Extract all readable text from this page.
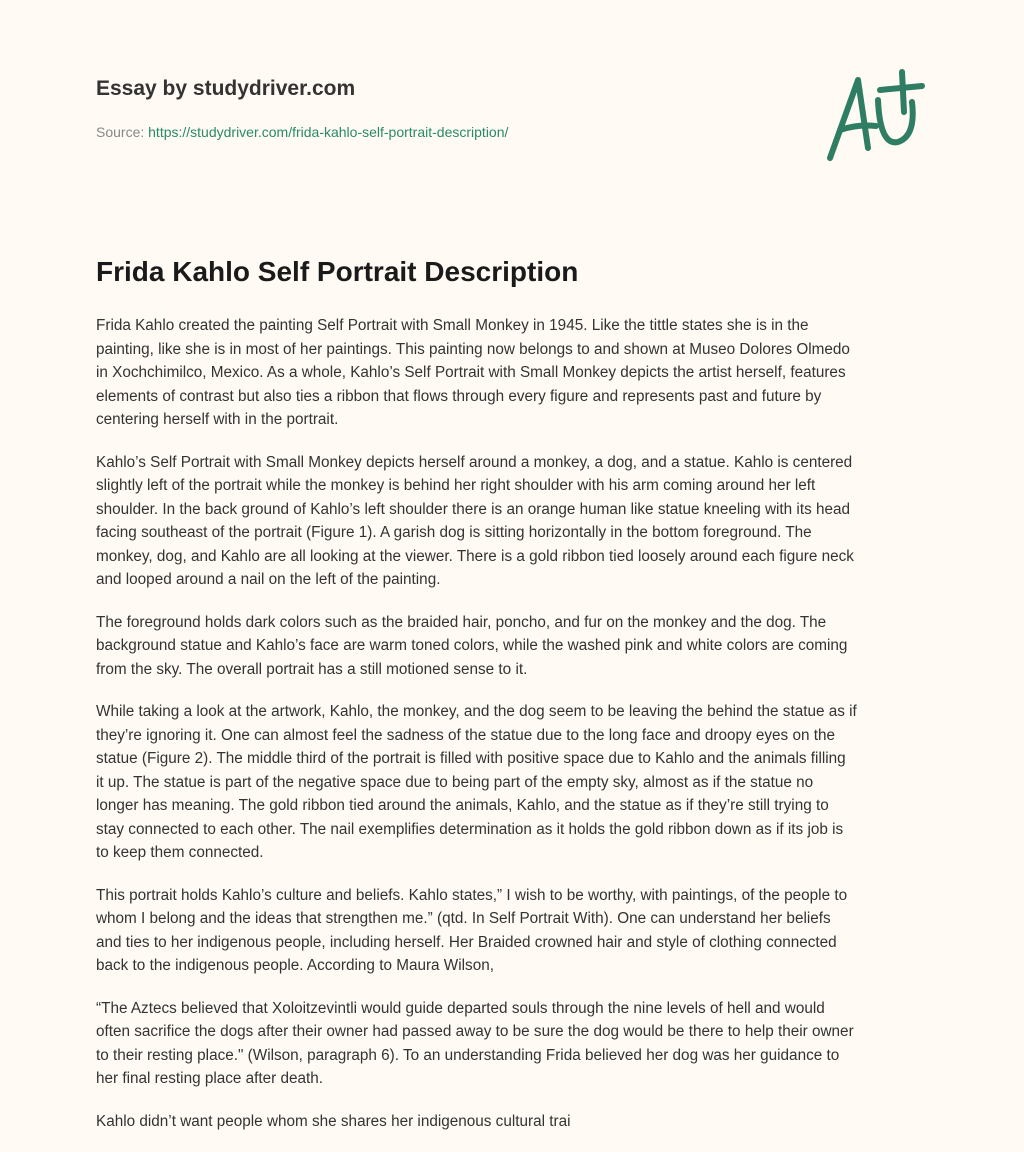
Essay by studydriver.com
Source: https://studydriver.com/frida-kahlo-self-portrait-description/
Frida Kahlo Self Portrait Description

Frida Kahlo created the painting Self Portrait with Small Monkey in 1945. Like the tittle states she is in the
painting, like she is in most of her paintings. This painting now belongs to and shown at Museo Dolores Olmedo
in Xochchimilco, Mexico. As a whole, Kahlo’s Self Portrait with Small Monkey depicts the artist herself, features
elements of contrast but also ties a ribbon that flows through every figure and represents past and future by
centering herself with in the portrait.

Kahlo’s Self Portrait with Small Monkey depicts herself around a monkey, a dog, and a statue. Kahlo is centered
slightly left of the portrait while the monkey is behind her right shoulder with his arm coming around her left
shoulder. In the back ground of Kahlo’s left shoulder there is an orange human like statue kneeling with its head
facing southeast of the portrait (Figure 1). A garish dog is sitting horizontally in the bottom foreground. The
monkey, dog, and Kahlo are all looking at the viewer. There is a gold ribbon tied loosely around each figure neck
and looped around a nail on the left of the painting.

The foreground holds dark colors such as the braided hair, poncho, and fur on the monkey and the dog. The
background statue and Kahlo’s face are warm toned colors, while the washed pink and white colors are coming
from the sky. The overall portrait has a still motioned sense to it.

While taking a look at the artwork, Kahlo, the monkey, and the dog seem to be leaving the behind the statue as if
they’re ignoring it. One can almost feel the sadness of the statue due to the long face and droopy eyes on the
statue (Figure 2). The middle third of the portrait is filled with positive space due to Kahlo and the animals filling
it up. The statue is part of the negative space due to being part of the empty sky, almost as if the statue no
longer has meaning. The gold ribbon tied around the animals, Kahlo, and the statue as if they’re still trying to
stay connected to each other. The nail exemplifies determination as it holds the gold ribbon down as if its job is
to keep them connected.

This portrait holds Kahlo’s culture and beliefs. Kahlo states,” I wish to be worthy, with paintings, of the people to
whom I belong and the ideas that strengthen me.” (qtd. In Self Portrait With). One can understand her beliefs
and ties to her indigenous people, including herself. Her Braided crowned hair and style of clothing connected
back to the indigenous people. According to Maura Wilson,

“The Aztecs believed that Xoloitzevintli would guide departed souls through the nine levels of hell and would
often sacrifice the dogs after their owner had passed away to be sure the dog would be there to help their owner
to their resting place." (Wilson, paragraph 6). To an understanding Frida believed her dog was her guidance to
her final resting place after death.

Kahlo didn’t want people whom she shares her indigenous cultural trai
